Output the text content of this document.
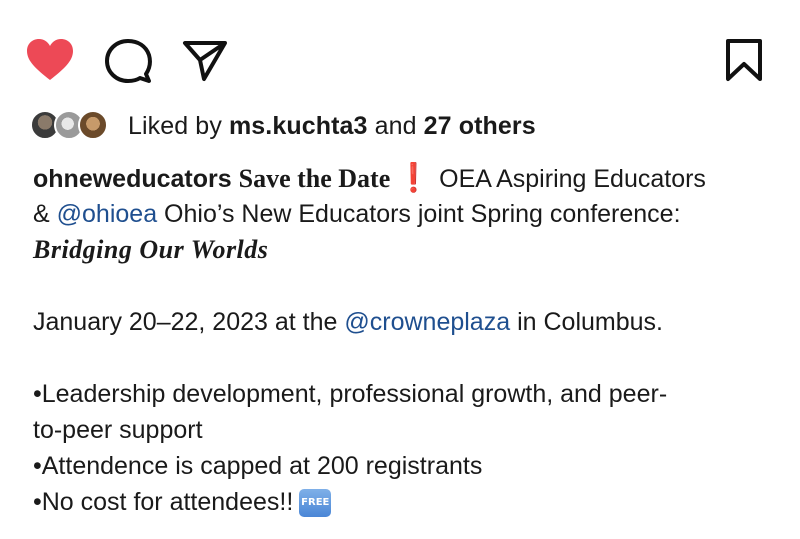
Liked by ms.kuchta3 and 27 others
ohneweducators Save the Date ❗ OEA Aspiring Educators
& @ohioea Ohio’s New Educators joint Spring conference:
Bridging Our Worlds
January 20–22, 2023 at the @crowneplaza in Columbus.
•Leadership development, professional growth, and peer-
to-peer support
•Attendence is capped at 200 registrants
•No cost for attendees!! FREE
